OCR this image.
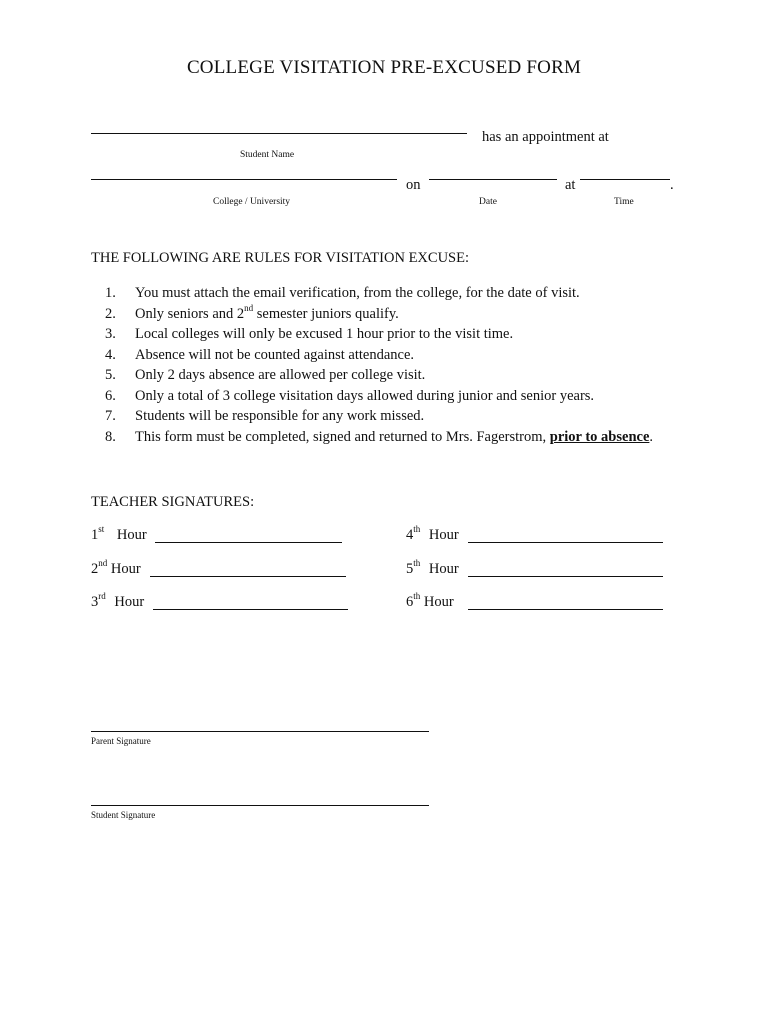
COLLEGE VISITATION PRE-EXCUSED FORM
has an appointment at
Student Name
on	at	.
College / University	Date	Time
THE FOLLOWING ARE RULES FOR VISITATION EXCUSE:
1. You must attach the email verification, from the college, for the date of visit.
2. Only seniors and 2nd semester juniors qualify.
3. Local colleges will only be excused 1 hour prior to the visit time.
4. Absence will not be counted against attendance.
5. Only 2 days absence are allowed per college visit.
6. Only a total of 3 college visitation days allowed during junior and senior years.
7. Students will be responsible for any work missed.
8. This form must be completed, signed and returned to Mrs. Fagerstrom, prior to absence.
TEACHER SIGNATURES:
1st Hour
2nd Hour
3rd Hour
4th Hour
5th Hour
6th Hour
Parent Signature
Student Signature
